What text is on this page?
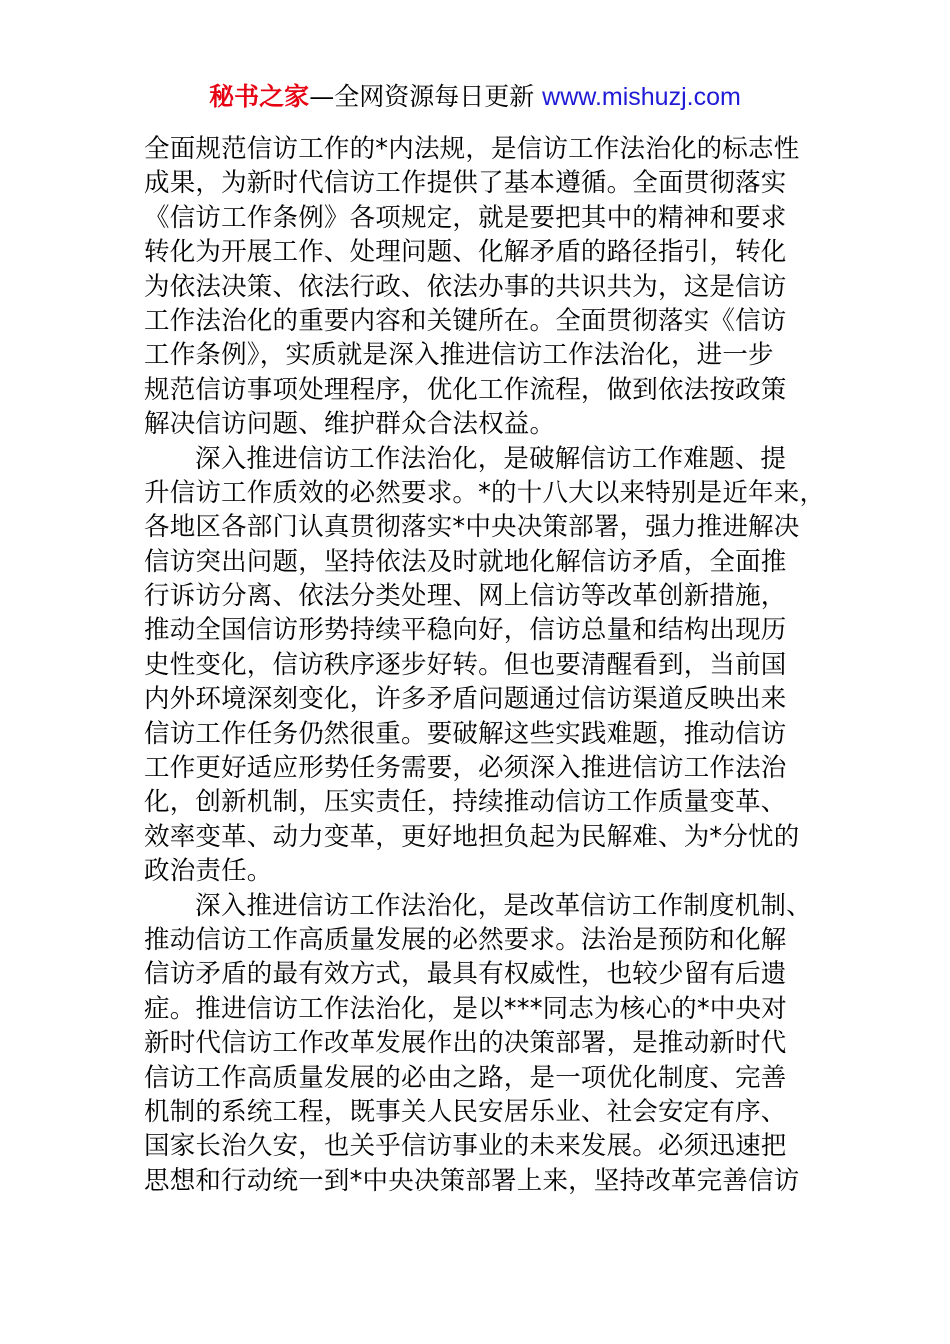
秘书之家—全网资源每日更新 www.mishuzj.com
全面规范信访工作的*内法规，是信访工作法治化的标志性
成果，为新时代信访工作提供了基本遵循。全面贯彻落实
《信访工作条例》各项规定，就是要把其中的精神和要求
转化为开展工作、处理问题、化解矛盾的路径指引，转化
为依法决策、依法行政、依法办事的共识共为，这是信访
工作法治化的重要内容和关键所在。全面贯彻落实《信访
工作条例》，实质就是深入推进信访工作法治化，进一步
规范信访事项处理程序，优化工作流程，做到依法按政策
解决信访问题、维护群众合法权益。
深入推进信访工作法治化，是破解信访工作难题、提
升信访工作质效的必然要求。*的十八大以来特别是近年来，
各地区各部门认真贯彻落实*中央决策部署，强力推进解决
信访突出问题，坚持依法及时就地化解信访矛盾，全面推
行诉访分离、依法分类处理、网上信访等改革创新措施，
推动全国信访形势持续平稳向好，信访总量和结构出现历
史性变化，信访秩序逐步好转。但也要清醒看到，当前国
内外环境深刻变化，许多矛盾问题通过信访渠道反映出来
信访工作任务仍然很重。要破解这些实践难题，推动信访
工作更好适应形势任务需要，必须深入推进信访工作法治
化，创新机制，压实责任，持续推动信访工作质量变革、
效率变革、动力变革，更好地担负起为民解难、为*分忧的
政治责任。
深入推进信访工作法治化，是改革信访工作制度机制、
推动信访工作高质量发展的必然要求。法治是预防和化解
信访矛盾的最有效方式，最具有权威性，也较少留有后遗
症。推进信访工作法治化，是以***同志为核心的*中央对
新时代信访工作改革发展作出的决策部署，是推动新时代
信访工作高质量发展的必由之路，是一项优化制度、完善
机制的系统工程，既事关人民安居乐业、社会安定有序、
国家长治久安，也关乎信访事业的未来发展。必须迅速把
思想和行动统一到*中央决策部署上来，坚持改革完善信访
